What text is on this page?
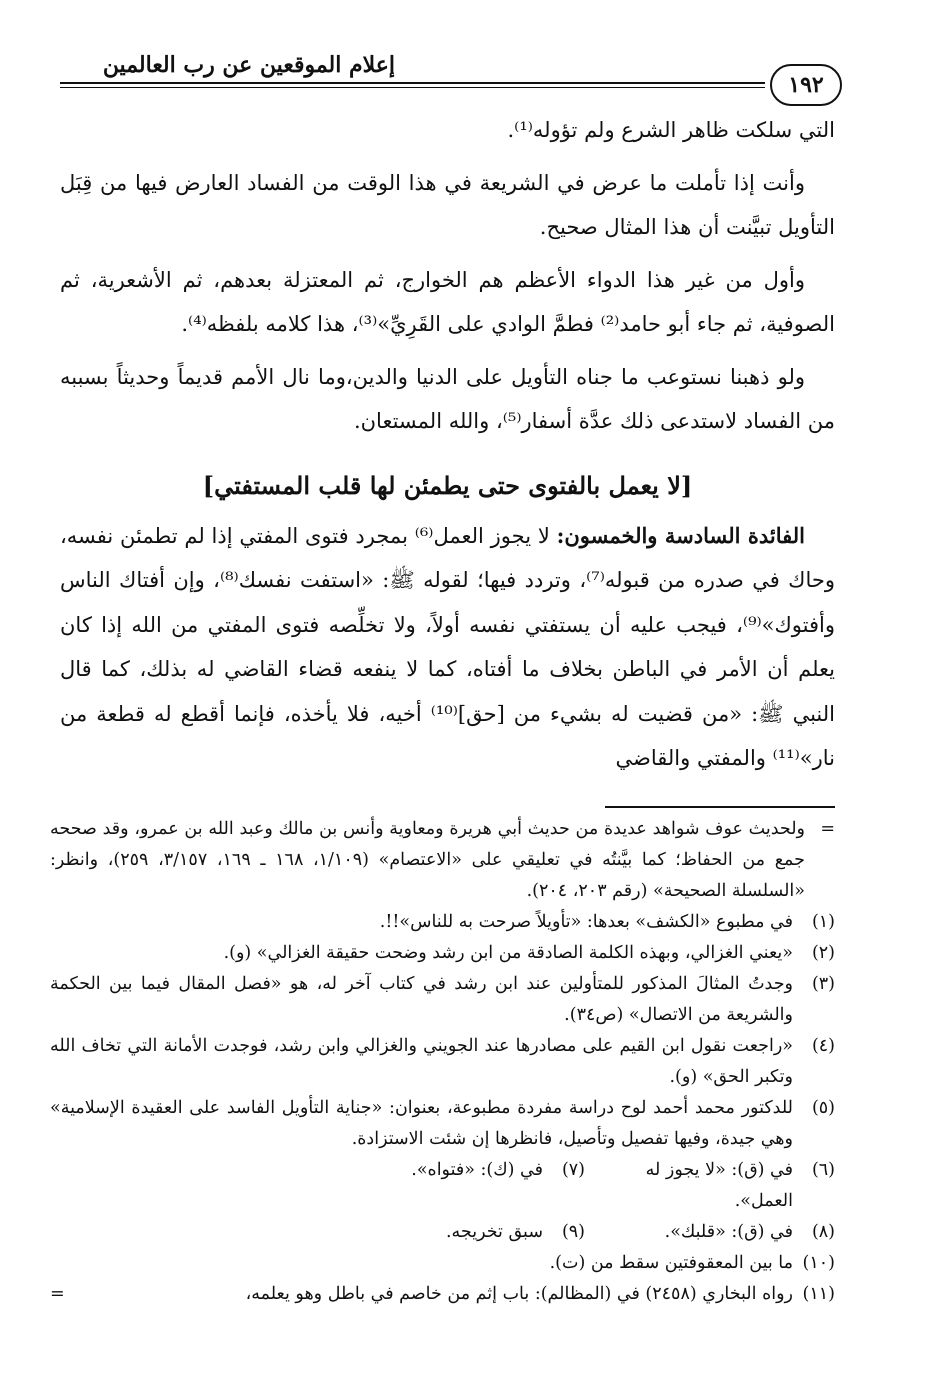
إعلام الموقعين عن رب العالمين
١٩٢

التي سلكت ظاهر الشرع ولم تؤوله⁽¹⁾.

وأنت إذا تأملت ما عرض في الشريعة في هذا الوقت من الفساد العارض فيها من قِبَل التأويل تبيَّنت أن هذا المثال صحيح.

وأول من غير هذا الدواء الأعظم هم الخوارج، ثم المعتزلة بعدهم، ثم الأشعرية، ثم الصوفية، ثم جاء أبو حامد⁽²⁾ فطمَّ الوادي على القَرِيِّ»⁽³⁾، هذا كلامه بلفظه⁽⁴⁾.

ولو ذهبنا نستوعب ما جناه التأويل على الدنيا والدين،وما نال الأمم قديماً وحديثاً بسببه من الفساد لاستدعى ذلك عدَّة أسفار⁽⁵⁾، والله المستعان.

[لا يعمل بالفتوى حتى يطمئن لها قلب المستفتي]

الفائدة السادسة والخمسون: لا يجوز العمل⁽⁶⁾ بمجرد فتوى المفتي إذا لم تطمئن نفسه، وحاك في صدره من قبوله⁽⁷⁾، وتردد فيها؛ لقوله ﷺ: «استفت نفسك⁽⁸⁾، وإن أفتاك الناس وأفتوك»⁽⁹⁾، فيجب عليه أن يستفتي نفسه أولاً، ولا تخلِّصه فتوى المفتي من الله إذا كان يعلم أن الأمر في الباطن بخلاف ما أفتاه، كما لا ينفعه قضاء القاضي له بذلك، كما قال النبي ﷺ: «من قضيت له بشيء من [حق]⁽¹⁰⁾ أخيه، فلا يأخذه، فإنما أقطع له قطعة من نار»⁽¹¹⁾ والمفتي والقاضي

=
ولحديث عوف شواهد عديدة من حديث أبي هريرة ومعاوية وأنس بن مالك وعبد الله بن عمرو، وقد صححه جمع من الحفاظ؛ كما بيَّنتُه في تعليقي على «الاعتصام» (١/١٠٩، ١٦٨ ـ ١٦٩، ٣/١٥٧، ٢٥٩)، وانظر: «السلسلة الصحيحة» (رقم ٢٠٣، ٢٠٤).

(١)
في مطبوع «الكشف» بعدها: «تأويلاً صرحت به للناس»!!.
(٢)
«يعني الغزالي، وبهذه الكلمة الصادقة من ابن رشد وضحت حقيقة الغزالي» (و).
(٣)
وجدتُ المثالَ المذكور للمتأولين عند ابن رشد في كتاب آخر له، هو «فصل المقال فيما بين الحكمة والشريعة من الاتصال» (ص٣٤).
(٤)
«راجعت نقول ابن القيم على مصادرها عند الجويني والغزالي وابن رشد، فوجدت الأمانة التي تخاف الله وتكبر الحق» (و).
(٥)
للدكتور محمد أحمد لوح دراسة مفردة مطبوعة، بعنوان: «جناية التأويل الفاسد على العقيدة الإسلامية» وهي جيدة، وفيها تفصيل وتأصيل، فانظرها إن شئت الاستزادة.
(٦)
في (ق): «لا يجوز له العمل».
(٧)
في (ك): «فتواه».
(٨)
في (ق): «قلبك».
(٩)
سبق تخريجه.
(١٠)
ما بين المعقوفتين سقط من (ت).
(١١)
رواه البخاري (٢٤٥٨) في (المظالم): باب إثم من خاصم في باطل وهو يعلمه،
=
